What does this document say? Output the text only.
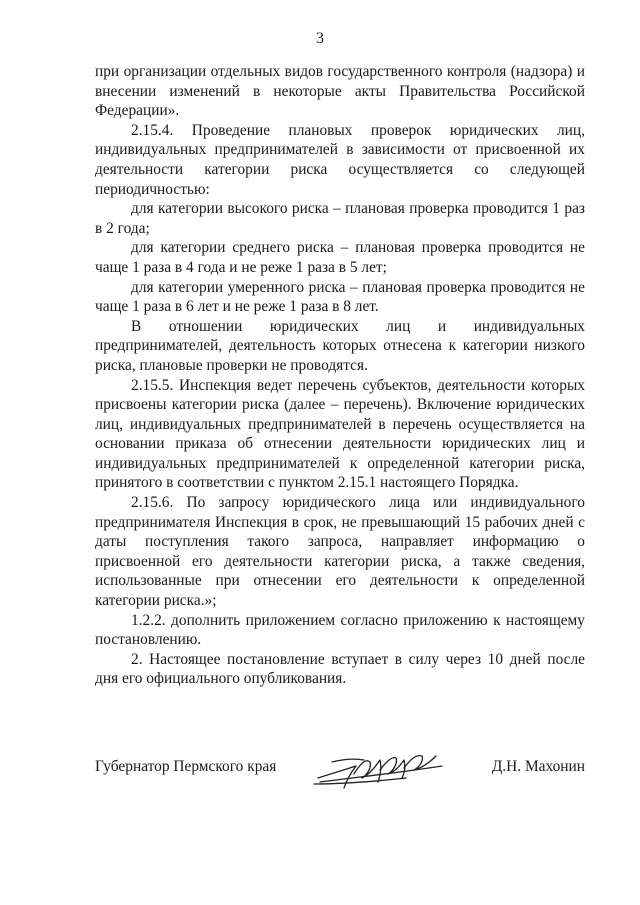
3

при организации отдельных видов государственного контроля (надзора) и внесении изменений в некоторые акты Правительства Российской Федерации».

2.15.4. Проведение плановых проверок юридических лиц, индивидуальных предпринимателей в зависимости от присвоенной их деятельности категории риска осуществляется со следующей периодичностью:

для категории высокого риска – плановая проверка проводится 1 раз в 2 года;

для категории среднего риска – плановая проверка проводится не чаще 1 раза в 4 года и не реже 1 раза в 5 лет;

для категории умеренного риска – плановая проверка проводится не чаще 1 раза в 6 лет и не реже 1 раза в 8 лет.

В отношении юридических лиц и индивидуальных предпринимателей, деятельность которых отнесена к категории низкого риска, плановые проверки не проводятся.

2.15.5. Инспекция ведет перечень субъектов, деятельности которых присвоены категории риска (далее – перечень). Включение юридических лиц, индивидуальных предпринимателей в перечень осуществляется на основании приказа об отнесении деятельности юридических лиц и индивидуальных предпринимателей к определенной категории риска, принятого в соответствии с пунктом 2.15.1 настоящего Порядка.

2.15.6. По запросу юридического лица или индивидуального предпринимателя Инспекция в срок, не превышающий 15 рабочих дней с даты поступления такого запроса, направляет информацию о присвоенной его деятельности категории риска, а также сведения, использованные при отнесении его деятельности к определенной категории риска.»;

1.2.2. дополнить приложением согласно приложению к настоящему постановлению.

2. Настоящее постановление вступает в силу через 10 дней после дня его официального опубликования.

Губернатор Пермского края	Д.Н. Махонин
